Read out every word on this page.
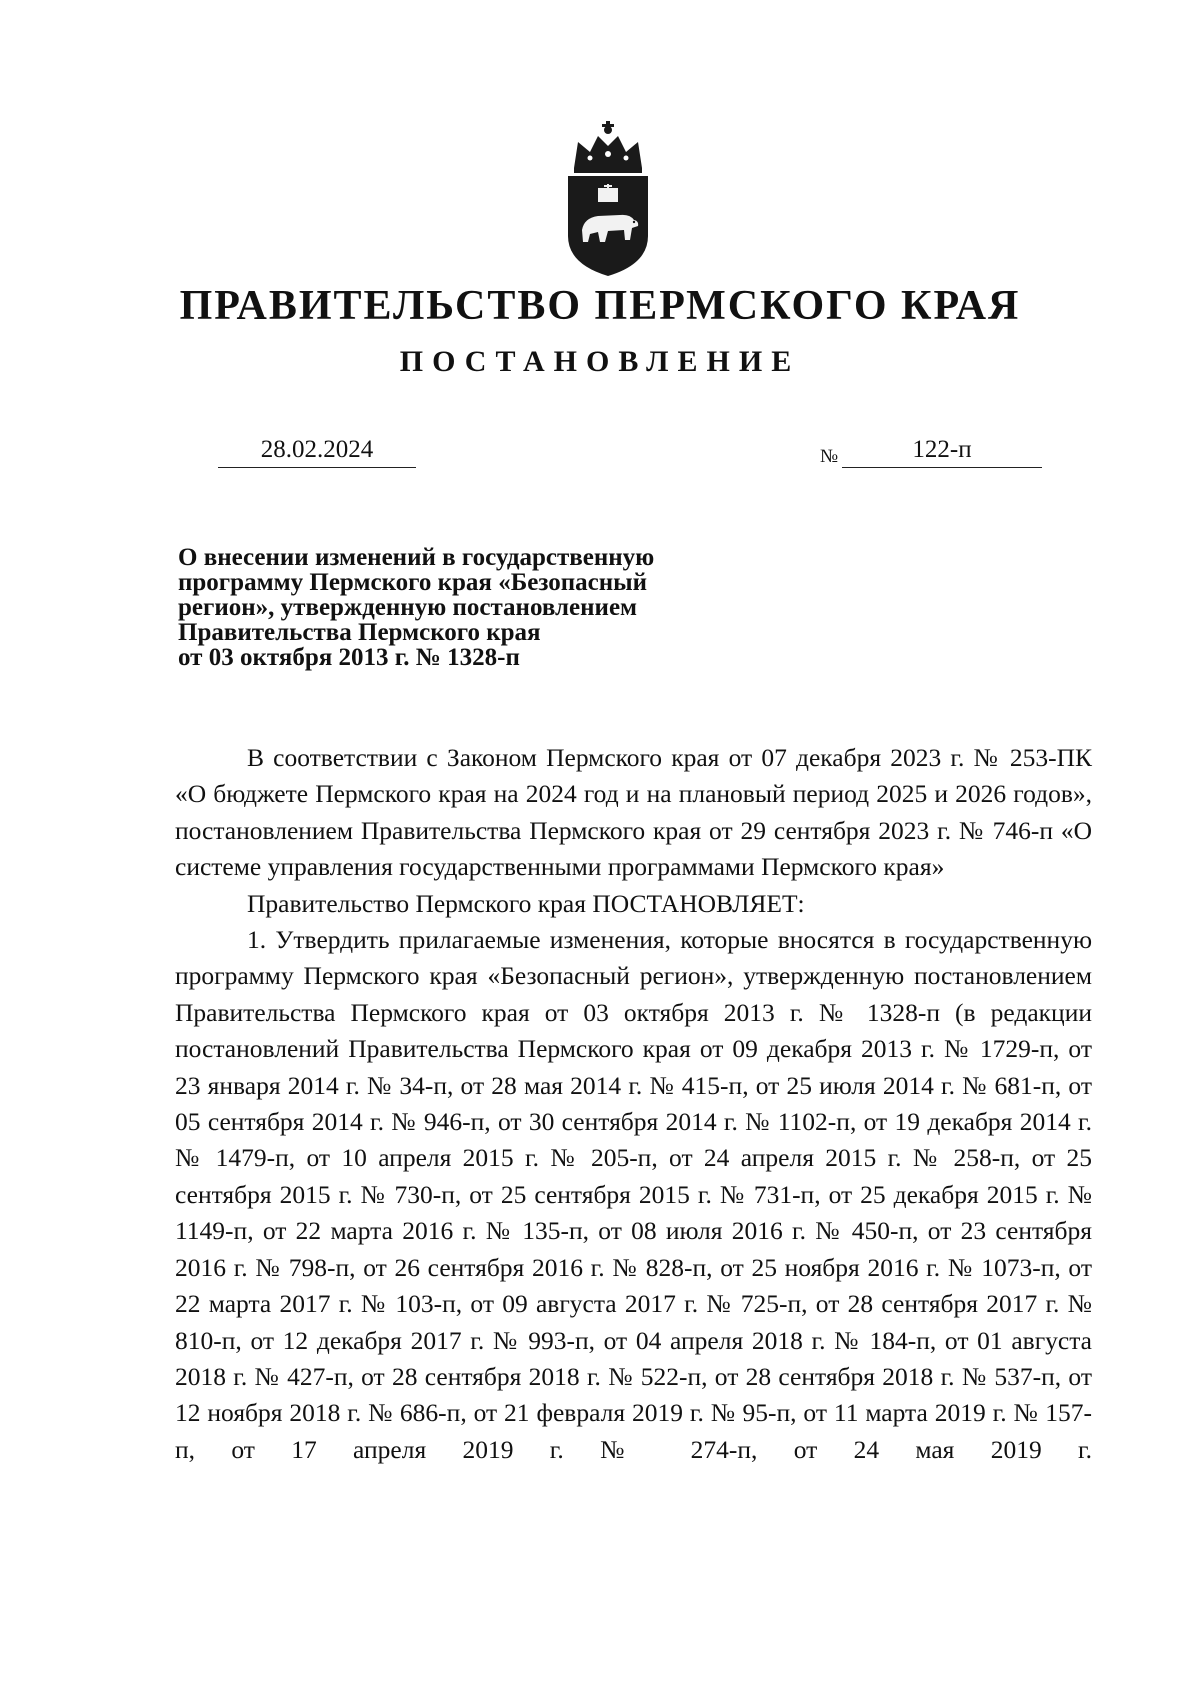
ПРАВИТЕЛЬСТВО ПЕРМСКОГО КРАЯ
ПОСТАНОВЛЕНИЕ
28.02.2024	№	122-п
О внесении изменений в государственную
программу Пермского края «Безопасный
регион», утвержденную постановлением
Правительства Пермского края
от 03 октября 2013 г. № 1328-п

В соответствии с Законом Пермского края от 07 декабря 2023 г. № 253-ПК «О бюджете Пермского края на 2024 год и на плановый период 2025 и 2026 годов», постановлением Правительства Пермского края от 29 сентября 2023 г. № 746-п «О системе управления государственными программами Пермского края»

Правительство Пермского края ПОСТАНОВЛЯЕТ:

1. Утвердить прилагаемые изменения, которые вносятся в государственную программу Пермского края «Безопасный регион», утвержденную постановлением Правительства Пермского края от 03 октября 2013 г. № 1328-п (в редакции постановлений Правительства Пермского края от 09 декабря 2013 г. № 1729-п, от 23 января 2014 г. № 34-п, от 28 мая 2014 г. № 415-п, от 25 июля 2014 г. № 681-п, от 05 сентября 2014 г. № 946-п, от 30 сентября 2014 г. № 1102-п, от 19 декабря 2014 г. № 1479-п, от 10 апреля 2015 г. № 205-п, от 24 апреля 2015 г. № 258-п, от 25 сентября 2015 г. № 730-п, от 25 сентября 2015 г. № 731-п, от 25 декабря 2015 г. № 1149-п, от 22 марта 2016 г. № 135-п, от 08 июля 2016 г. № 450-п, от 23 сентября 2016 г. № 798-п, от 26 сентября 2016 г. № 828-п, от 25 ноября 2016 г. № 1073-п, от 22 марта 2017 г. № 103-п, от 09 августа 2017 г. № 725-п, от 28 сентября 2017 г. № 810-п, от 12 декабря 2017 г. № 993-п, от 04 апреля 2018 г. № 184-п, от 01 августа 2018 г. № 427-п, от 28 сентября 2018 г. № 522-п, от 28 сентября 2018 г. № 537-п, от 12 ноября 2018 г. № 686-п, от 21 февраля 2019 г. № 95-п, от 11 марта 2019 г. № 157-п, от 17 апреля 2019 г. № 274-п, от 24 мая 2019 г.
